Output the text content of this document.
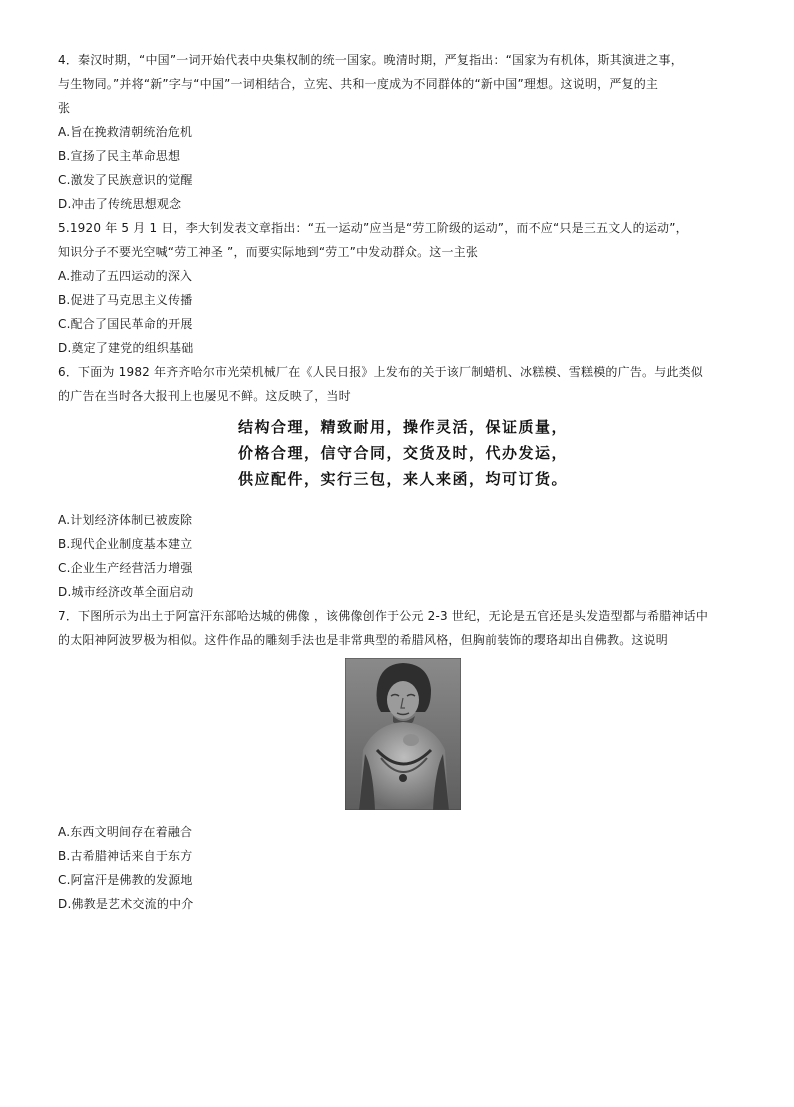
4．秦汉时期，“中国”一词开始代表中央集权制的统一国家。晚清时期，严复指出：“国家为有机体，斯其演进之事，

与生物同。”并将“新”字与“中国”一词相结合，立宪、共和一度成为不同群体的“新中国”理想。这说明，严复的主

张

A.旨在挽救清朝统治危机

B.宣扬了民主革命思想

C.激发了民族意识的觉醒

D.冲击了传统思想观念

5.1920 年 5 月 1 日，李大钊发表文章指出：“五一运动”应当是“劳工阶级的运动”，而不应“只是三五文人的运动”，

知识分子不要光空喊“劳工神圣 ”，而要实际地到“劳工”中发动群众。这一主张

A.推动了五四运动的深入

B.促进了马克思主义传播

C.配合了国民革命的开展

D.奠定了建党的组织基础

6．下面为 1982 年齐齐哈尔市光荣机械厂在《人民日报》上发布的关于该厂制蜡机、冰糕模、雪糕模的广告。与此类似

的广告在当时各大报刊上也屡见不鲜。这反映了，当时

结构合理，精致耐用，操作灵活，保证质量，
价格合理，信守合同，交货及时，代办发运，
供应配件，实行三包，来人来函，均可订货。

A.计划经济体制已被废除

B.现代企业制度基本建立

C.企业生产经营活力增强

D.城市经济改革全面启动

7．下图所示为出土于阿富汗东部哈达城的佛像 ，该佛像创作于公元 2-3 世纪，无论是五官还是头发造型都与希腊神话中

的太阳神阿波罗极为相似。这件作品的雕刻手法也是非常典型的希腊风格，但胸前装饰的璎珞却出自佛教。这说明

A.东西文明间存在着融合

B.古希腊神话来自于东方

C.阿富汗是佛教的发源地

D.佛教是艺术交流的中介
